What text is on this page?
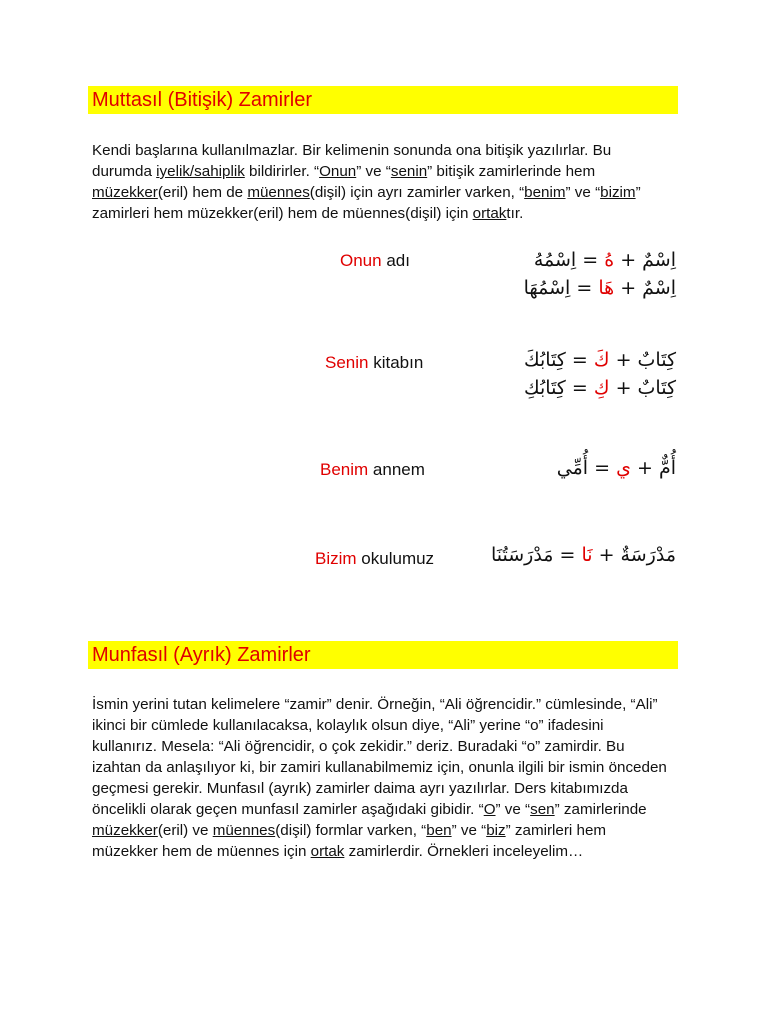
Muttasıl (Bitişik) Zamirler

Kendi başlarına kullanılmazlar. Bir kelimenin sonunda ona bitişik yazılırlar. Bu durumda iyelik/sahiplik bildirirler. “Onun” ve “senin” bitişik zamirlerinde hem müzekker(eril) hem de müennes(dişil) için ayrı zamirler varken, “benim” ve “bizim” zamirleri hem müzekker(eril) hem de müennes(dişil) için ortaktır.

Onun adı	اِسْمٌ + هُ = اِسْمُهُ
اِسْمٌ + هَا = اِسْمُهَا
Senin kitabın	كِتَابٌ + كَ = كِتَابُكَ
كِتَابٌ + كِ = كِتَابُكِ
Benim annem	أُمٌّ + ي = أُمِّي
Bizim okulumuz	مَدْرَسَةٌ + نَا = مَدْرَسَتُنَا
Munfasıl (Ayrık) Zamirler

İsmin yerini tutan kelimelere “zamir” denir. Örneğin, “Ali öğrencidir.” cümlesinde, “Ali” ikinci bir cümlede kullanılacaksa, kolaylık olsun diye, “Ali” yerine “o” ifadesini kullanırız. Mesela: “Ali öğrencidir, o çok zekidir.” deriz. Buradaki “o” zamirdir. Bu izahtan da anlaşılıyor ki, bir zamiri kullanabilmemiz için, onunla ilgili bir ismin önceden geçmesi gerekir. Munfasıl (ayrık) zamirler daima ayrı yazılırlar. Ders kitabımızda öncelikli olarak geçen munfasıl zamirler aşağıdaki gibidir. “O” ve “sen” zamirlerinde müzekker(eril) ve müennes(dişil) formlar varken, “ben” ve “biz” zamirleri hem müzekker hem de müennes için ortak zamirlerdir. Örnekleri inceleyelim…
